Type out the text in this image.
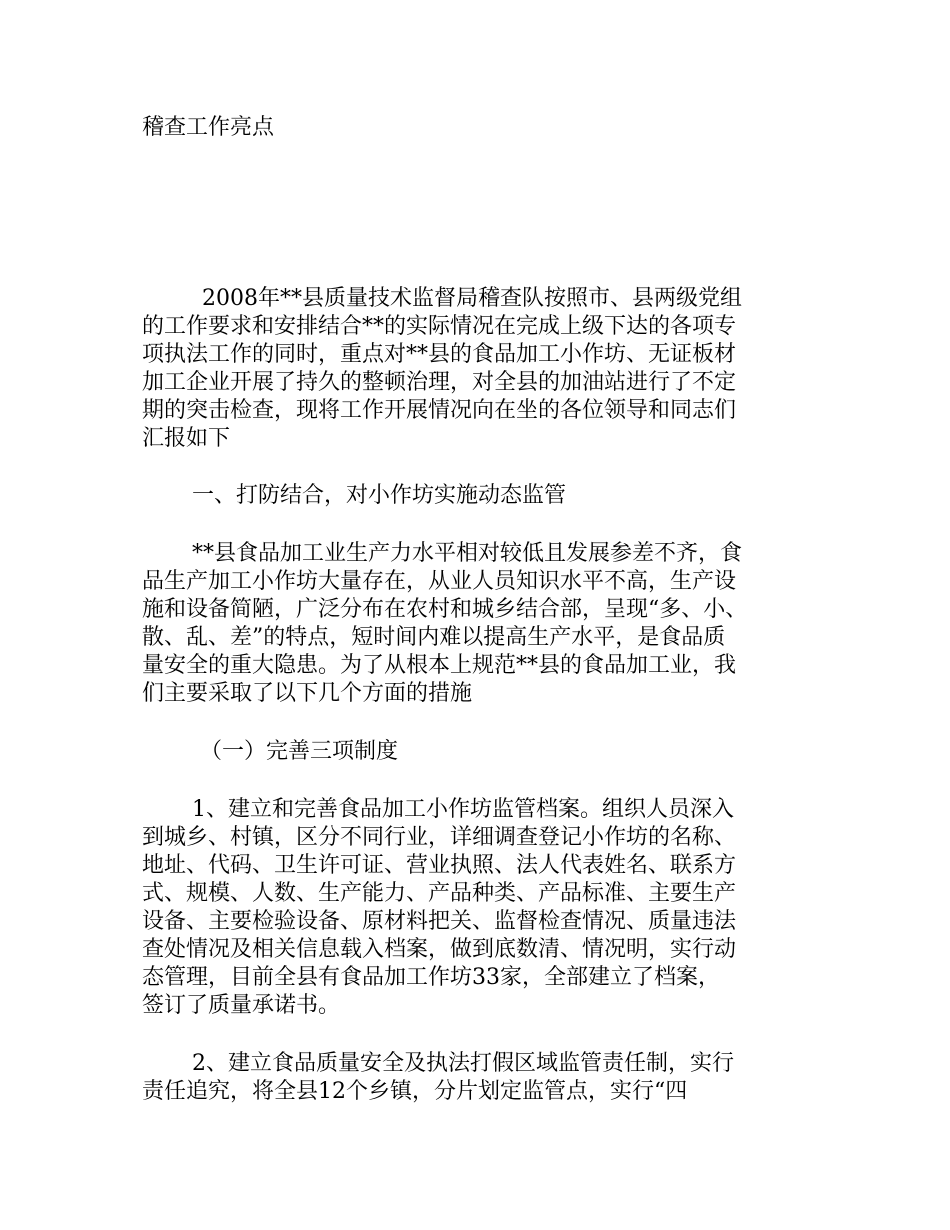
稽查工作亮点
2008年**县质量技术监督局稽查队按照市、县两级党组
的工作要求和安排结合**的实际情况在完成上级下达的各项专
项执法工作的同时，重点对**县的食品加工小作坊、无证板材
加工企业开展了持久的整顿治理，对全县的加油站进行了不定
期的突击检查，现将工作开展情况向在坐的各位领导和同志们
汇报如下
一、打防结合，对小作坊实施动态监管
**县食品加工业生产力水平相对较低且发展参差不齐，食
品生产加工小作坊大量存在，从业人员知识水平不高，生产设
施和设备简陋，广泛分布在农村和城乡结合部，呈现“多、小、
散、乱、差”的特点，短时间内难以提高生产水平，是食品质
量安全的重大隐患。为了从根本上规范**县的食品加工业，我
们主要采取了以下几个方面的措施
（一）完善三项制度
1、建立和完善食品加工小作坊监管档案。组织人员深入
到城乡、村镇，区分不同行业，详细调查登记小作坊的名称、
地址、代码、卫生许可证、营业执照、法人代表姓名、联系方
式、规模、人数、生产能力、产品种类、产品标准、主要生产
设备、主要检验设备、原材料把关、监督检查情况、质量违法
查处情况及相关信息载入档案，做到底数清、情况明，实行动
态管理，目前全县有食品加工作坊33家，全部建立了档案，
签订了质量承诺书。
2、建立食品质量安全及执法打假区域监管责任制，实行
责任追究，将全县12个乡镇，分片划定监管点，实行“四
